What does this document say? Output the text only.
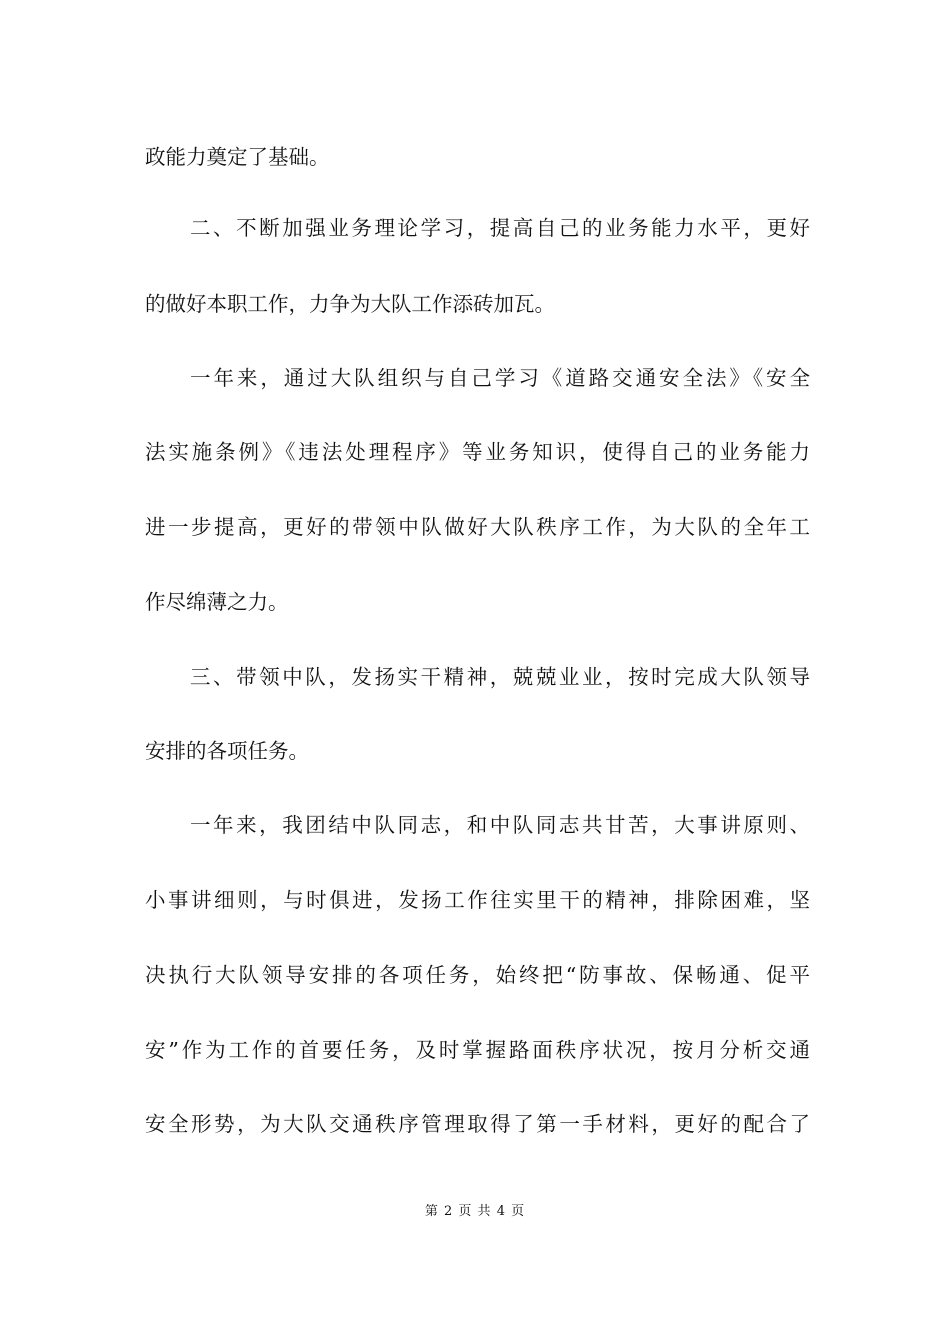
政能力奠定了基础。
二、不断加强业务理论学习，提高自己的业务能力水平，更好
的做好本职工作，力争为大队工作添砖加瓦。
一年来，通过大队组织与自己学习《道路交通安全法》《安全
法实施条例》《违法处理程序》等业务知识，使得自己的业务能力
进一步提高，更好的带领中队做好大队秩序工作，为大队的全年工
作尽绵薄之力。
三、带领中队，发扬实干精神，兢兢业业，按时完成大队领导
安排的各项任务。
一年来，我团结中队同志，和中队同志共甘苦，大事讲原则、
小事讲细则，与时俱进，发扬工作往实里干的精神，排除困难，坚
决执行大队领导安排的各项任务，始终把“防事故、保畅通、促平
安”作为工作的首要任务，及时掌握路面秩序状况，按月分析交通
安全形势，为大队交通秩序管理取得了第一手材料，更好的配合了
第 2 页 共 4 页
